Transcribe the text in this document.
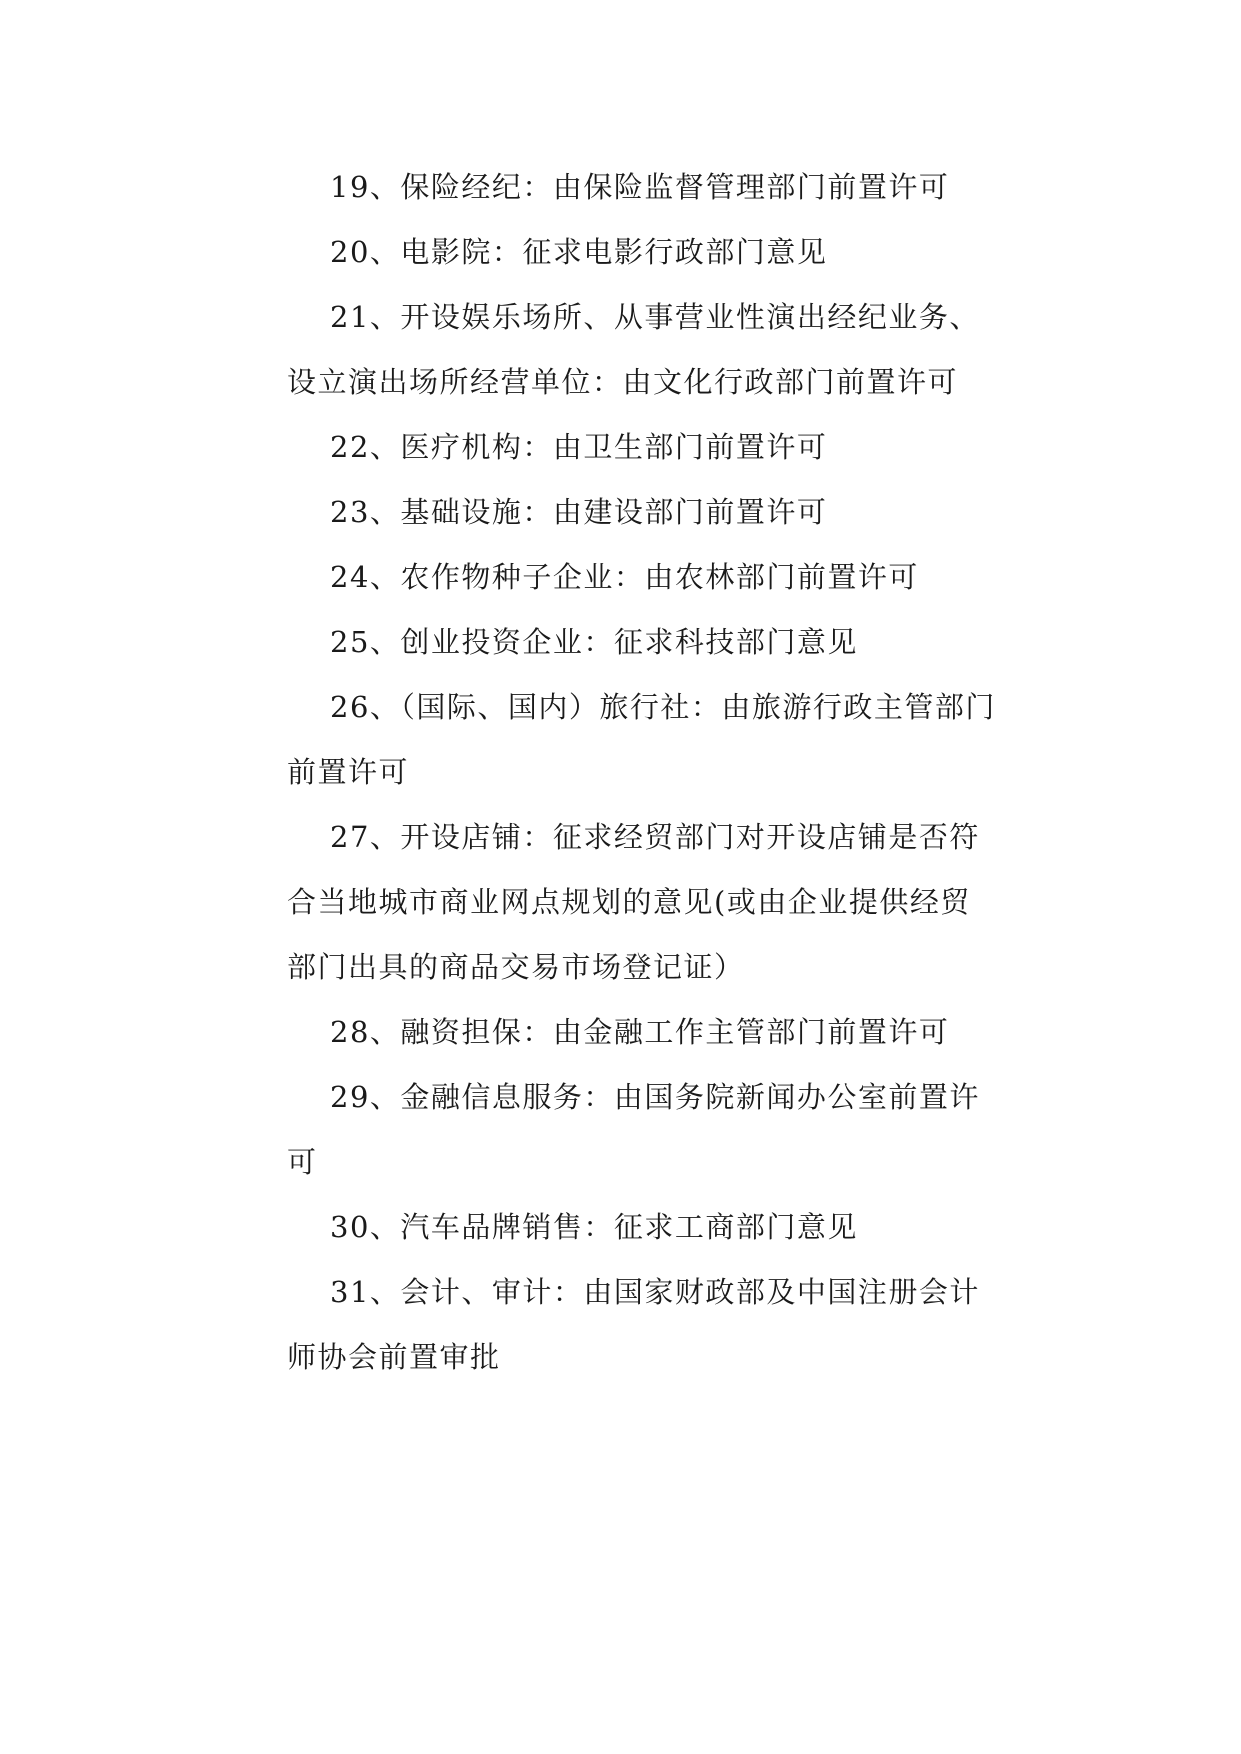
19、保险经纪：由保险监督管理部门前置许可

20、电影院：征求电影行政部门意见

21、开设娱乐场所、从事营业性演出经纪业务、设立演出场所经营单位：由文化行政部门前置许可

22、医疗机构：由卫生部门前置许可

23、基础设施：由建设部门前置许可

24、农作物种子企业：由农林部门前置许可

25、创业投资企业：征求科技部门意见

26、（国际、国内）旅行社：由旅游行政主管部门前置许可

27、开设店铺：征求经贸部门对开设店铺是否符合当地城市商业网点规划的意见(或由企业提供经贸部门出具的商品交易市场登记证）

28、融资担保：由金融工作主管部门前置许可

29、金融信息服务：由国务院新闻办公室前置许可

30、汽车品牌销售：征求工商部门意见

31、会计、审计：由国家财政部及中国注册会计师协会前置审批
